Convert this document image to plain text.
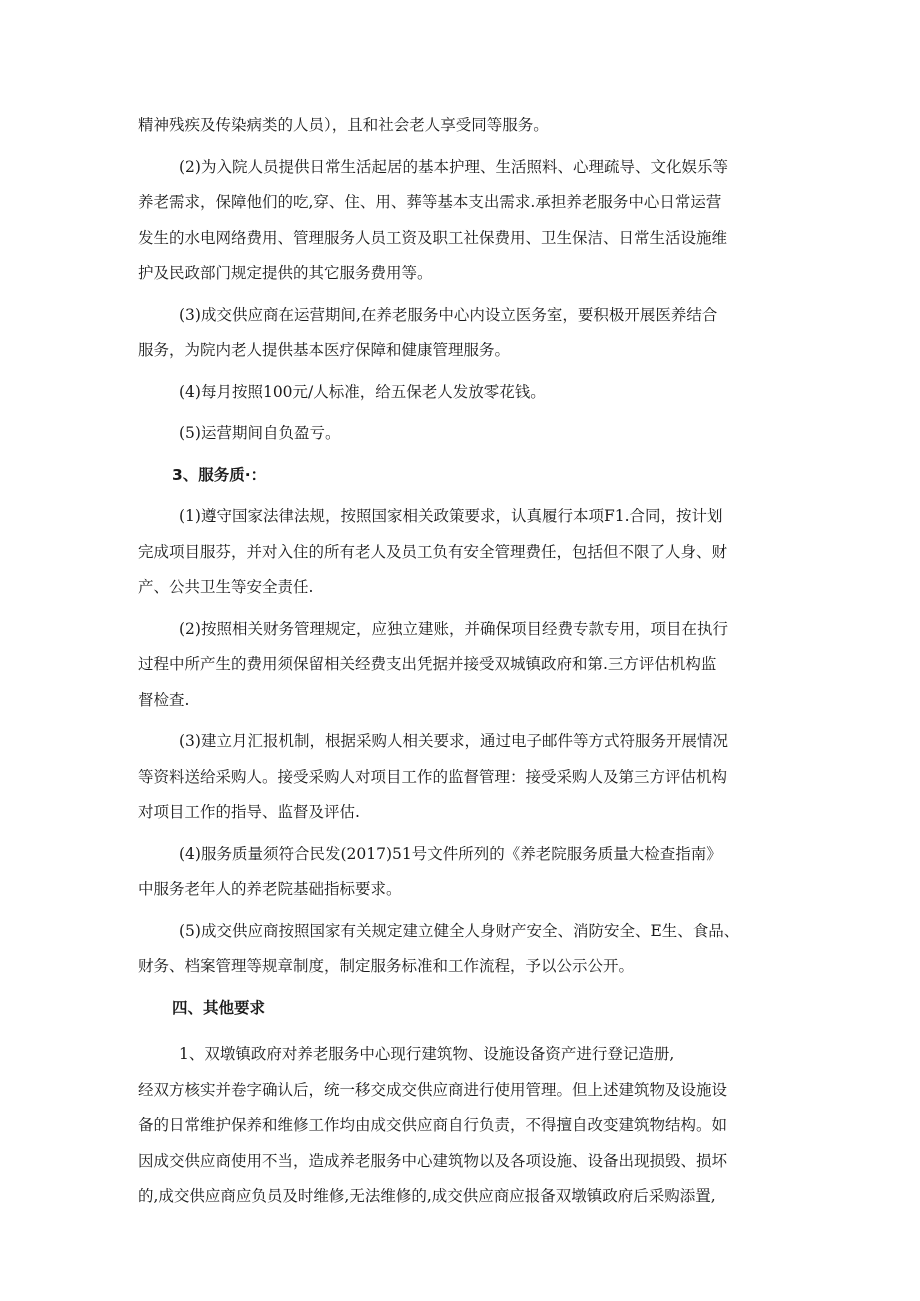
精神残疾及传染病类的人员），且和社会老人享受同等服务。
(2)为入院人员提供日常生活起居的基本护理、生活照料、心理疏导、文化娱乐等
养老需求，保障他们的吃,穿、住、用、葬等基本支出需求.承担养老服务中心日常运营
发生的水电网络费用、管理服务人员工资及职工社保费用、卫生保洁、日常生活设施维
护及民政部门规定提供的其它服务费用等。
(3)成交供应商在运营期间,在养老服务中心内设立医务室，要积极开展医养结合
服务，为院内老人提供基本医疗保障和健康管理服务。
(4)每月按照100元/人标准，给五保老人发放零花钱。
(5)运营期间自负盈亏。
3、服务质·：
(1)遵守国家法律法规，按照国家相关政策要求，认真履行本项F1.合同，按计划
完成项目服芬，并对入住的所有老人及员工负有安全管理费任，包括但不限了人身、财
产、公共卫生等安全责任.
(2)按照相关财务管理规定，应独立建账，并确保项目经费专款专用，项目在执行
过程中所产生的费用须保留相关经费支出凭据并接受双城镇政府和第.三方评估机构监
督检查.
(3)建立月汇报机制，根据采购人相关要求，通过电子邮件等方式符服务开展情况
等资料送给采购人。接受采购人对项目工作的监督管理：接受采购人及第三方评估机构
对项目工作的指导、监督及评估.
(4)服务质量须符合民发(2017)51号文件所列的《养老院服务质量大检查指南》
中服务老年人的养老院基础指标要求。
(5)成交供应商按照国家有关规定建立健全人身财产安全、消防安全、E生、食品、
财务、档案管理等规章制度，制定服务标准和工作流程，予以公示公开。
四、其他要求
1、双墩镇政府对养老服务中心现行建筑物、设施设备资产进行登记造册,
经双方核实并卷字确认后，统一移交成交供应商进行使用管理。但上述建筑物及设施设
备的日常维护保养和维修工作均由成交供应商自行负责，不得擅自改变建筑物结构。如
因成交供应商使用不当，造成养老服务中心建筑物以及各项设施、设备出现损毁、损坏
的,成交供应商应负员及时维修,无法维修的,成交供应商应报备双墩镇政府后采购添置,
